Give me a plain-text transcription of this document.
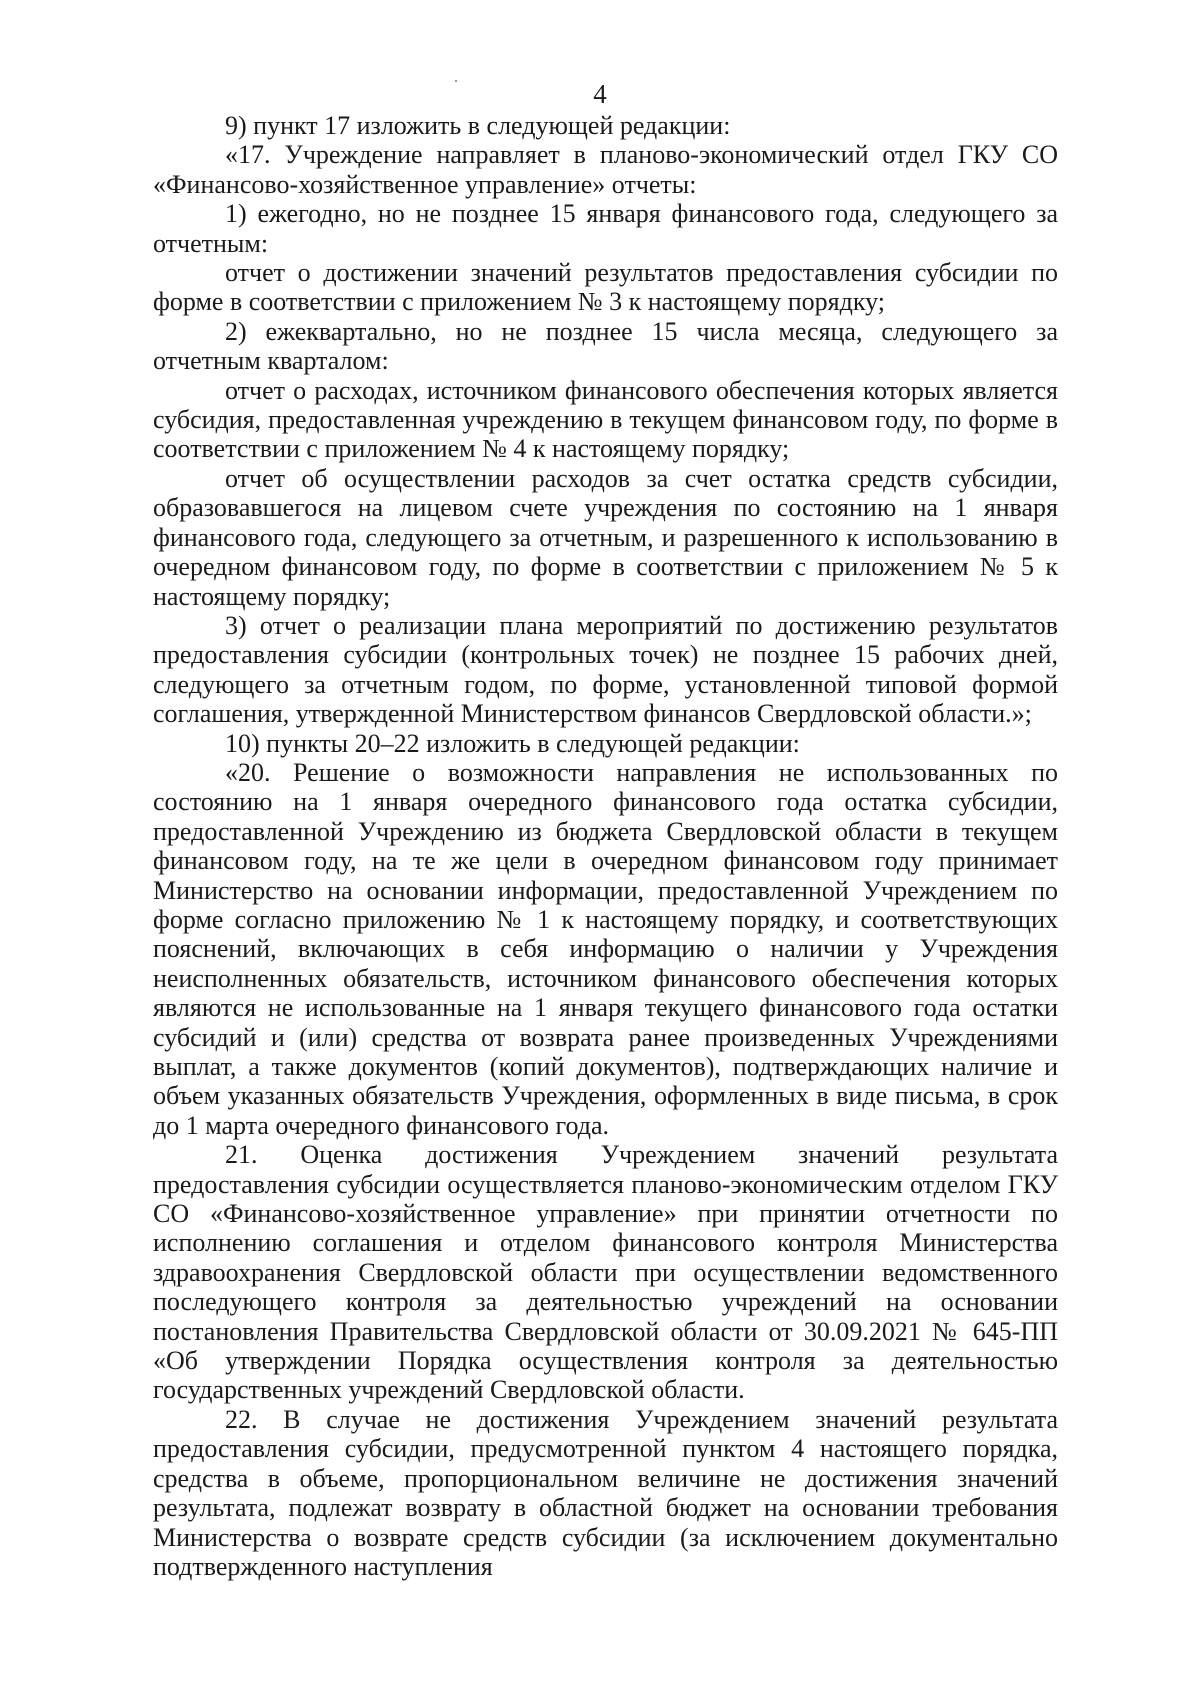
4

9) пункт 17 изложить в следующей редакции:

«17. Учреждение направляет в планово-экономический отдел ГКУ СО «Финансово-хозяйственное управление» отчеты:

1) ежегодно, но не позднее 15 января финансового года, следующего за отчетным:

отчет о достижении значений результатов предоставления субсидии по форме в соответствии с приложением № 3 к настоящему порядку;

2) ежеквартально, но не позднее 15 числа месяца, следующего за отчетным кварталом:

отчет о расходах, источником финансового обеспечения которых является субсидия, предоставленная учреждению в текущем финансовом году, по форме в соответствии с приложением № 4 к настоящему порядку;

отчет об осуществлении расходов за счет остатка средств субсидии, образовавшегося на лицевом счете учреждения по состоянию на 1 января финансового года, следующего за отчетным, и разрешенного к использованию в очередном финансовом году, по форме в соответствии с приложением № 5 к настоящему порядку;

3) отчет о реализации плана мероприятий по достижению результатов предоставления субсидии (контрольных точек) не позднее 15 рабочих дней, следующего за отчетным годом, по форме, установленной типовой формой соглашения, утвержденной Министерством финансов Свердловской области.»;

10) пункты 20–22 изложить в следующей редакции:

«20. Решение о возможности направления не использованных по состоянию на 1 января очередного финансового года остатка субсидии, предоставленной Учреждению из бюджета Свердловской области в текущем финансовом году, на те же цели в очередном финансовом году принимает Министерство на основании информации, предоставленной Учреждением по форме согласно приложению № 1 к настоящему порядку, и соответствующих пояснений, включающих в себя информацию о наличии у Учреждения неисполненных обязательств, источником финансового обеспечения которых являются не использованные на 1 января текущего финансового года остатки субсидий и (или) средства от возврата ранее произведенных Учреждениями выплат, а также документов (копий документов), подтверждающих наличие и объем указанных обязательств Учреждения, оформленных в виде письма, в срок до 1 марта очередного финансового года.

21. Оценка достижения Учреждением значений результата предоставления субсидии осуществляется планово-экономическим отделом ГКУ СО «Финансово-хозяйственное управление» при принятии отчетности по исполнению соглашения и отделом финансового контроля Министерства здравоохранения Свердловской области при осуществлении ведомственного последующего контроля за деятельностью учреждений на основании постановления Правительства Свердловской области от 30.09.2021 № 645-ПП «Об утверждении Порядка осуществления контроля за деятельностью государственных учреждений Свердловской области.

22. В случае не достижения Учреждением значений результата предоставления субсидии, предусмотренной пунктом 4 настоящего порядка, средства в объеме, пропорциональном величине не достижения значений результата, подлежат возврату в областной бюджет на основании требования Министерства о возврате средств субсидии (за исключением документально подтвержденного наступления
